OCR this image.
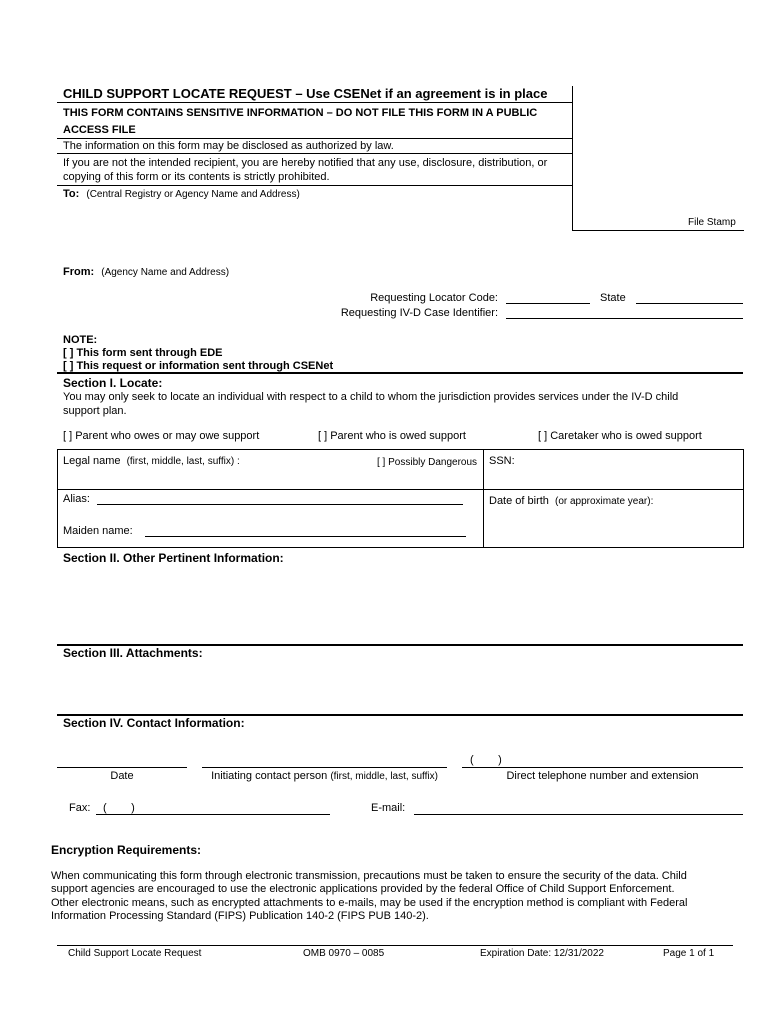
CHILD SUPPORT LOCATE REQUEST – Use CSENet if an agreement is in place
THIS FORM CONTAINS SENSITIVE INFORMATION – DO NOT FILE THIS FORM IN A PUBLIC
ACCESS FILE
The information on this form may be disclosed as authorized by law.
If you are not the intended recipient, you are hereby notified that any use, disclosure, distribution, or
copying of this form or its contents is strictly prohibited.
To: (Central Registry or Agency Name and Address)
File Stamp
From: (Agency Name and Address)
Requesting Locator Code:	State
Requesting IV-D Case Identifier:
NOTE:
[ ] This form sent through EDE
[ ] This request or information sent through CSENet
Section I. Locate:
You may only seek to locate an individual with respect to a child to whom the jurisdiction provides services under the IV-D child
support plan.
[ ] Parent who owes or may owe support	[ ] Parent who is owed support	[ ] Caretaker who is owed support
Legal name (first, middle, last, suffix) :	[ ] Possibly Dangerous SSN:
Alias:	Date of birth (or approximate year):
Maiden name:
Section II. Other Pertinent Information:
Section III. Attachments:
Section IV. Contact Information:
Date	Initiating contact person (first, middle, last, suffix)
(        )
Direct telephone number and extension
Fax: (        )	E-mail:
Encryption Requirements:
When communicating this form through electronic transmission, precautions must be taken to ensure the security of the data. Child
support agencies are encouraged to use the electronic applications provided by the federal Office of Child Support Enforcement.
Other electronic means, such as encrypted attachments to e-mails, may be used if the encryption method is compliant with Federal
Information Processing Standard (FIPS) Publication 140-2 (FIPS PUB 140-2).
Child Support Locate Request	OMB 0970 – 0085	Expiration Date: 12/31/2022	Page 1 of 1
